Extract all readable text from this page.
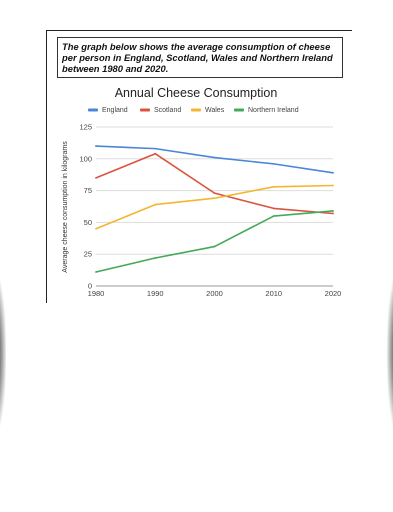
The graph below shows the average consumption of cheese per person in England, Scotland, Wales and Northern Ireland between 1980 and 2020.
Annual Cheese Consumption
England	Scotland	Wales	Northern Ireland
0
25
50
75
100
125
1980	1990	2000	2010	2020
Average cheese consumption in kilograms
